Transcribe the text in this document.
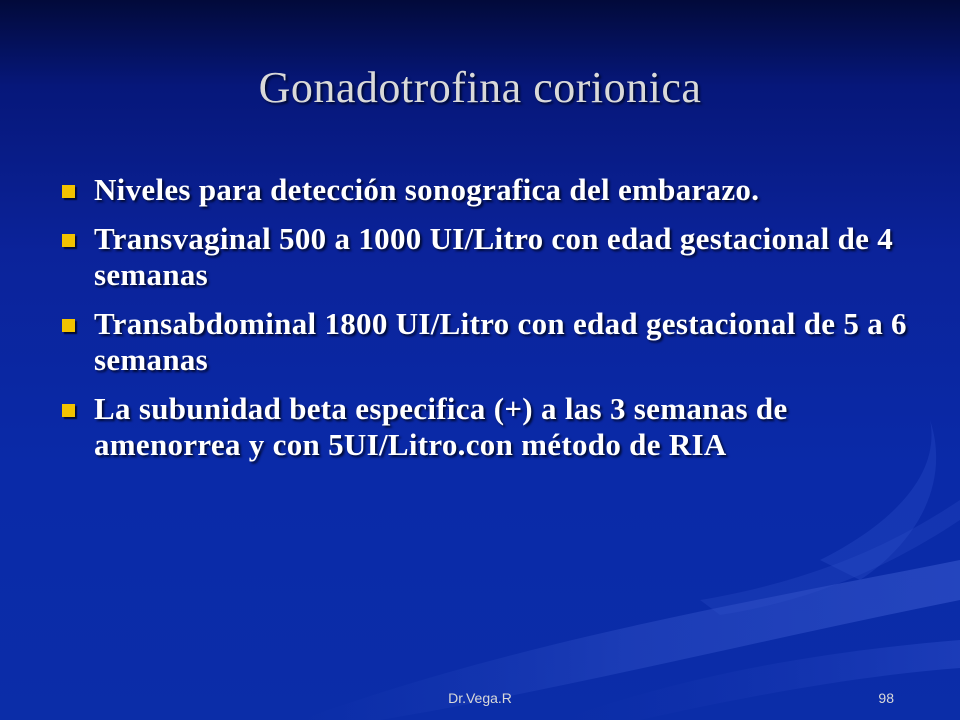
Gonadotrofina corionica
Niveles para detección sonografica del embarazo.
Transvaginal 500 a 1000 UI/Litro con edad gestacional de 4 semanas
Transabdominal 1800 UI/Litro con edad gestacional de 5 a 6 semanas
La subunidad beta especifica (+) a las 3 semanas de amenorrea y con 5UI/Litro.con método de RIA
Dr.Vega.R	98
